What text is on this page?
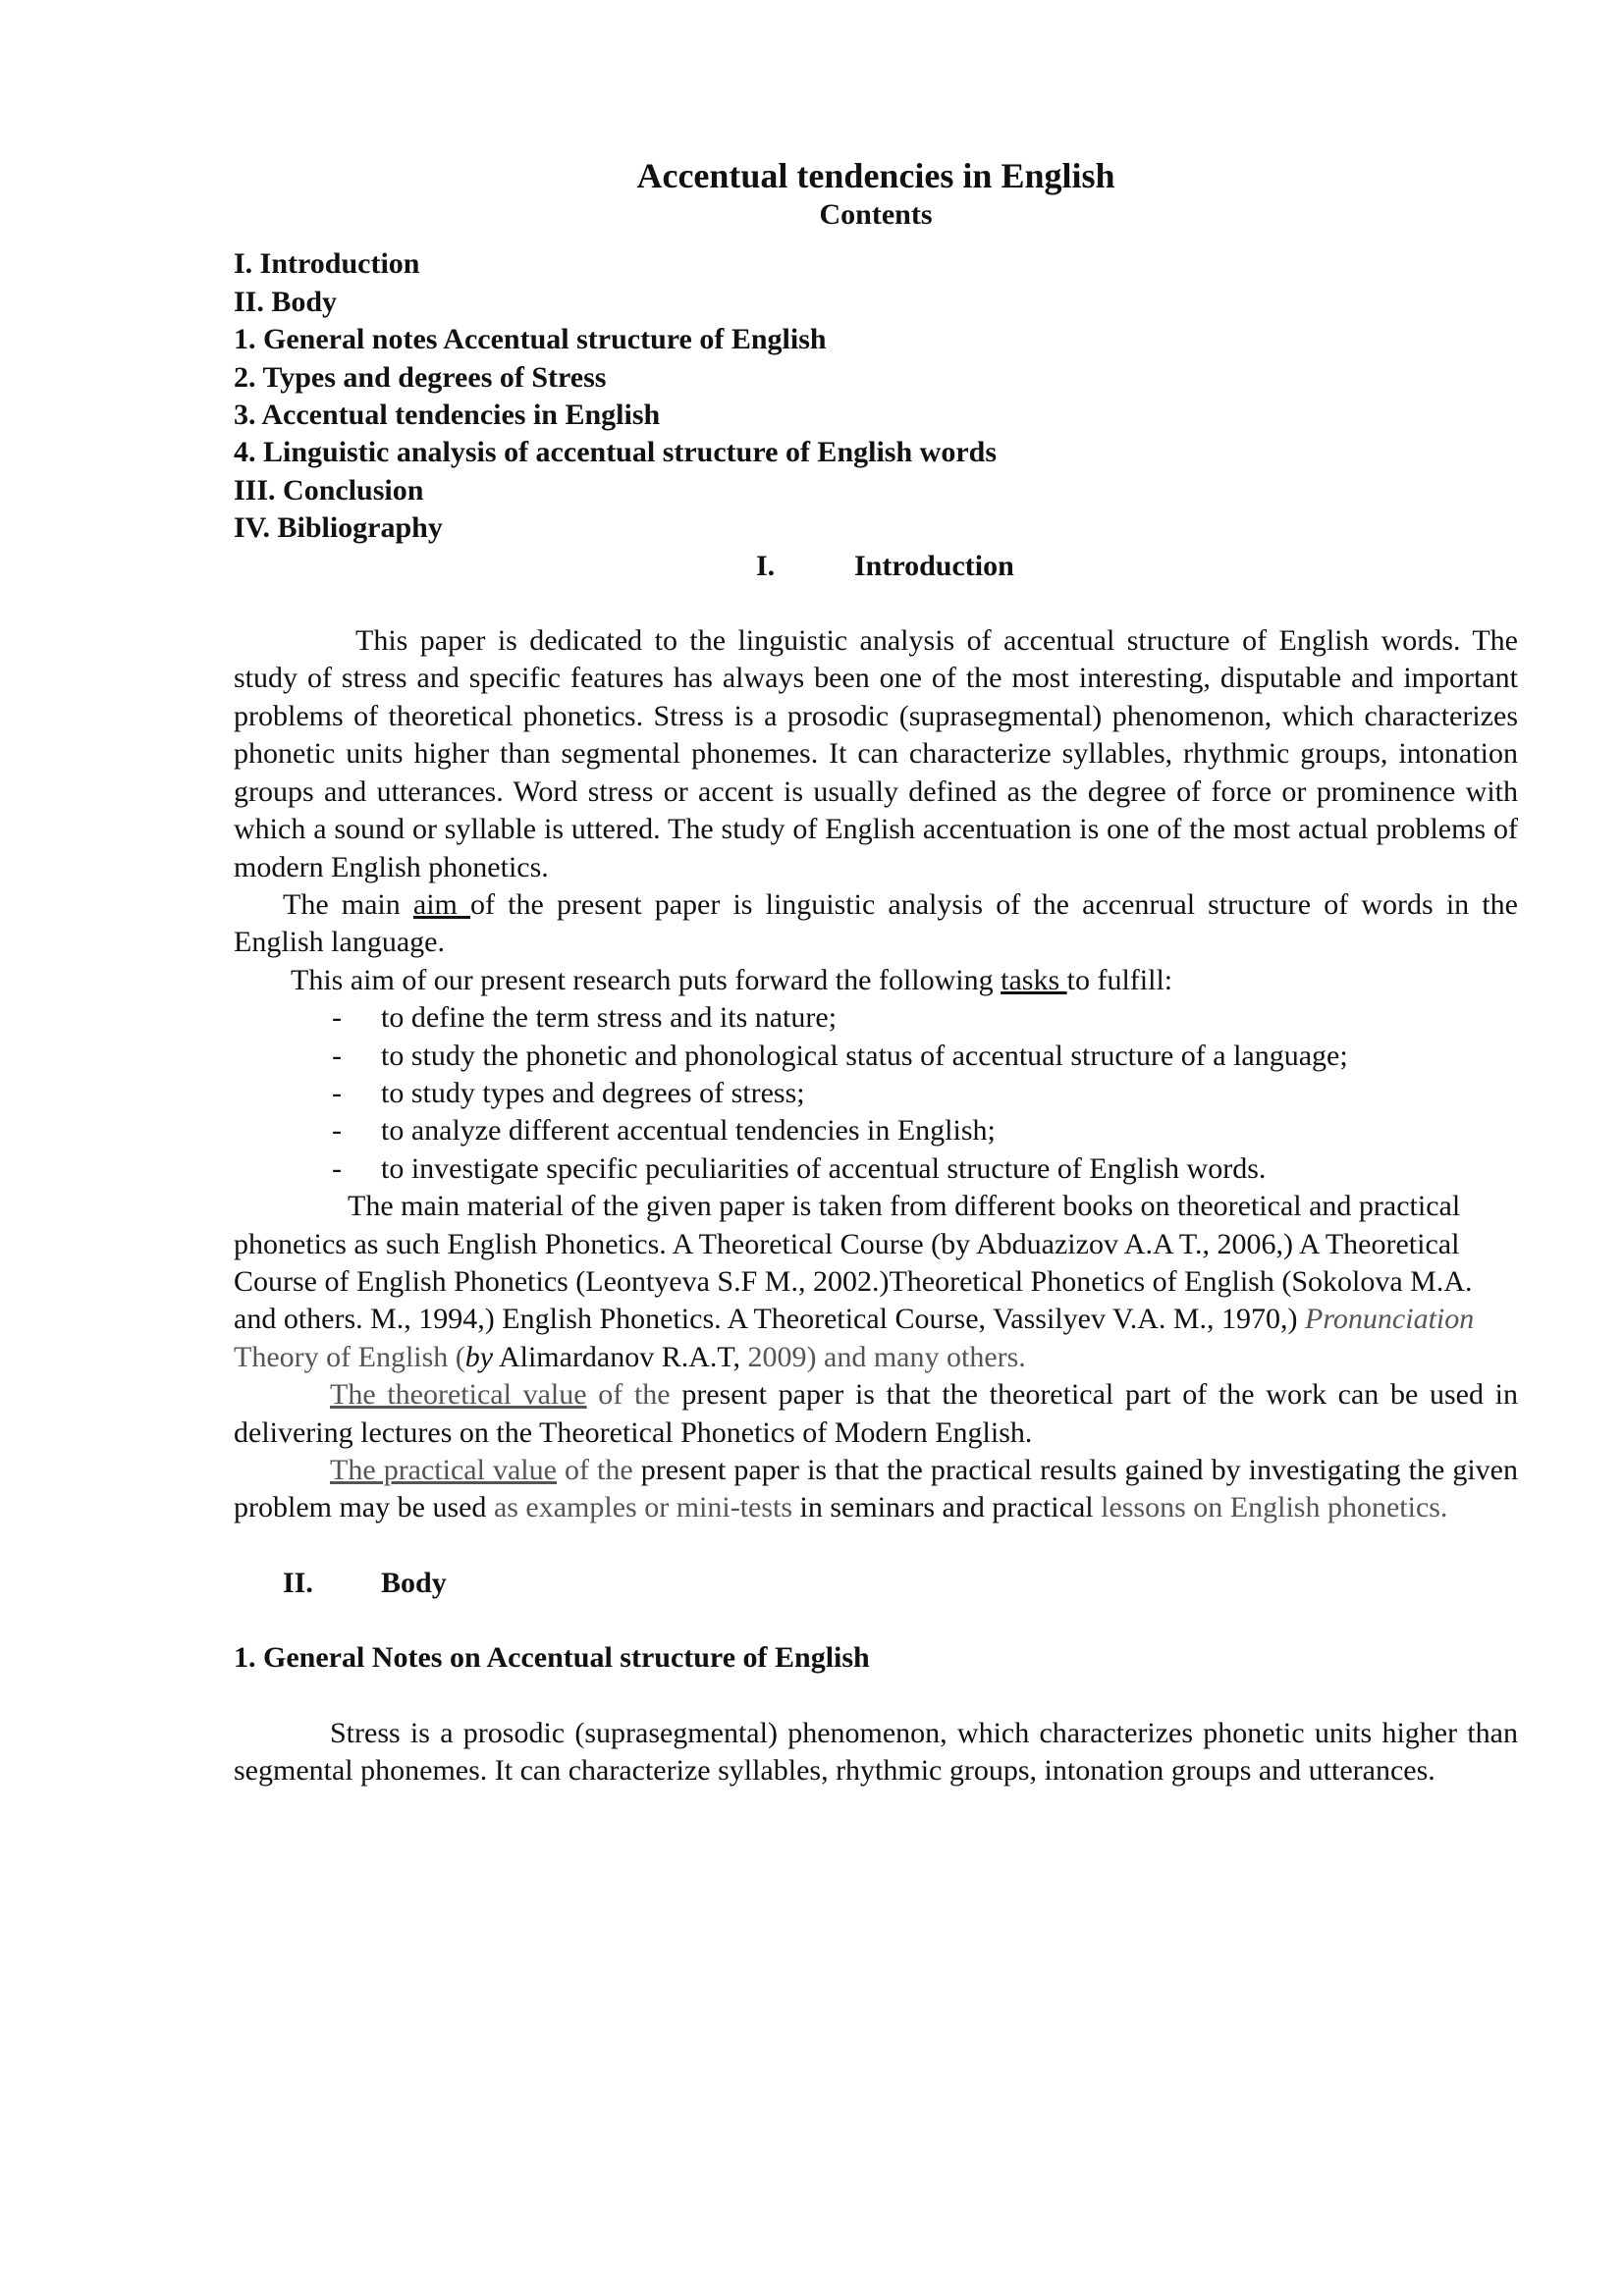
Accentual tendencies in English

Contents

I. Introduction
II. Body
1. General notes Accentual structure of English
2. Types and degrees of Stress
3. Accentual tendencies in English
4. Linguistic analysis of accentual structure of English words
III. Conclusion
IV. Bibliography

I.	Introduction

This paper is dedicated to the linguistic analysis of accentual structure of English words. The study of stress and specific features has always been one of the most interesting, disputable and important problems of theoretical phonetics. Stress is a prosodic (suprasegmental) phenomenon, which characterizes phonetic units higher than segmental phonemes. It can characterize syllables, rhythmic groups, intonation groups and utterances. Word stress or accent is usually defined as the degree of force or prominence with which a sound or syllable is uttered. The study of English accentuation is one of the most actual problems of modern English phonetics.

The main aim of the present paper is linguistic analysis of the accenrual structure of words in the English language.

This aim of our present research puts forward the following tasks to fulfill:

- to define the term stress and its nature;
- to study the phonetic and phonological status of accentual structure of a language;
- to study types and degrees of stress;
- to analyze different accentual tendencies in English;
- to investigate specific peculiarities of accentual structure of English words.

The main material of the given paper is taken from different books on theoretical and practical phonetics as such English Phonetics. A Theoretical Course (by Abduazizov A.A T., 2006,) A Theoretical Course of English Phonetics (Leontyeva S.F M., 2002.)Theoretical Phonetics of English (Sokolova M.A. and others. M., 1994,) English Phonetics. A Theoretical Course, Vassilyev V.A. M., 1970,) Pronunciation Theory of English (by Alimardanov R.A.T, 2009) and many others.

The theoretical value of the present paper is that the theoretical part of the work can be used in delivering lectures on the Theoretical Phonetics of Modern English.

The practical value of the present paper is that the practical results gained by investigating the given problem may be used as examples or mini-tests in seminars and practical lessons on English phonetics.

II. Body

1. General Notes on Accentual structure of English

Stress is a prosodic (suprasegmental) phenomenon, which characterizes phonetic units higher than segmental phonemes. It can characterize syllables, rhythmic groups, intonation groups and utterances.
